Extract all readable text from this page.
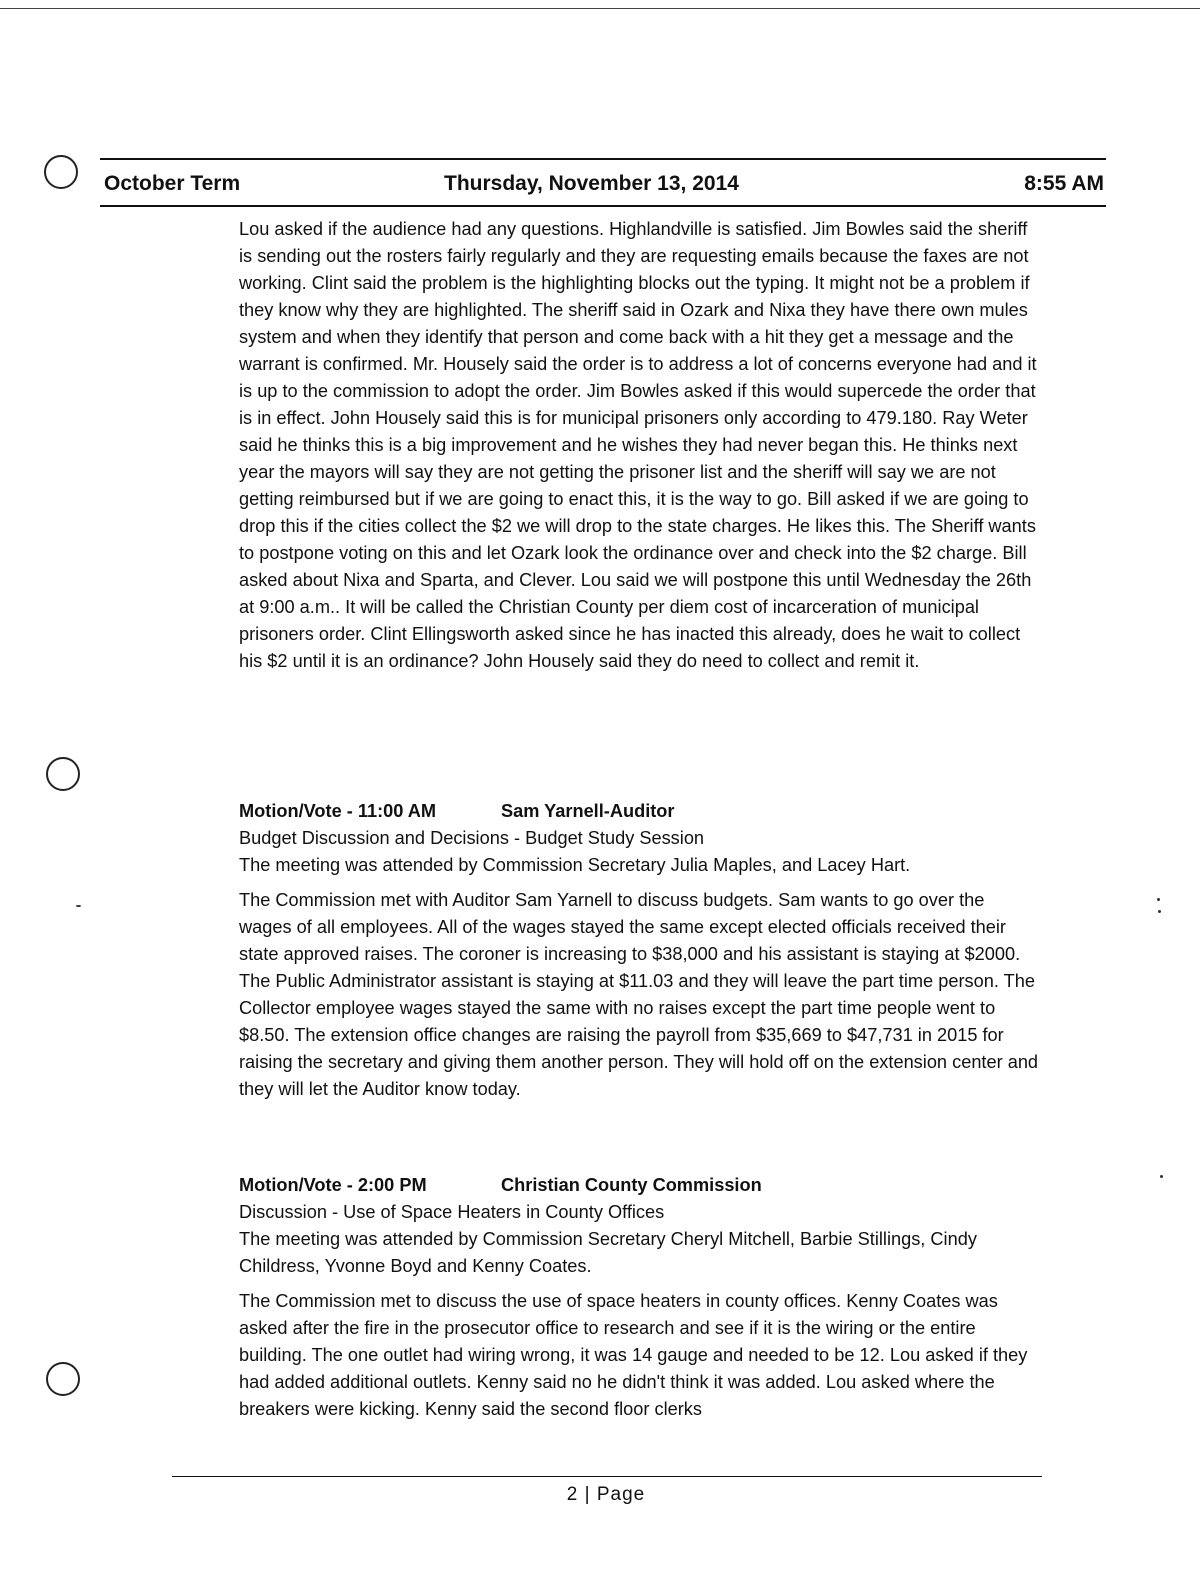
October Term	Thursday, November 13, 2014	8:55 AM

Lou asked if the audience had any questions. Highlandville is satisfied. Jim Bowles said the sheriff is sending out the rosters fairly regularly and they are requesting emails because the faxes are not working. Clint said the problem is the highlighting blocks out the typing. It might not be a problem if they know why they are highlighted. The sheriff said in Ozark and Nixa they have there own mules system and when they identify that person and come back with a hit they get a message and the warrant is confirmed. Mr. Housely said the order is to address a lot of concerns everyone had and it is up to the commission to adopt the order. Jim Bowles asked if this would supercede the order that is in effect. John Housely said this is for municipal prisoners only according to 479.180. Ray Weter said he thinks this is a big improvement and he wishes they had never began this. He thinks next year the mayors will say they are not getting the prisoner list and the sheriff will say we are not getting reimbursed but if we are going to enact this, it is the way to go. Bill asked if we are going to drop this if the cities collect the $2 we will drop to the state charges. He likes this. The Sheriff wants to postpone voting on this and let Ozark look the ordinance over and check into the $2 charge. Bill asked about Nixa and Sparta, and Clever. Lou said we will postpone this until Wednesday the 26th at 9:00 a.m.. It will be called the Christian County per diem cost of incarceration of municipal prisoners order. Clint Ellingsworth asked since he has inacted this already, does he wait to collect his $2 until it is an ordinance? John Housely said they do need to collect and remit it.

Motion/Vote - 11:00 AM	Sam Yarnell-Auditor
Budget Discussion and Decisions - Budget Study Session
The meeting was attended by Commission Secretary Julia Maples, and Lacey Hart.
The Commission met with Auditor Sam Yarnell to discuss budgets. Sam wants to go over the wages of all employees. All of the wages stayed the same except elected officials received their state approved raises. The coroner is increasing to $38,000 and his assistant is staying at $2000. The Public Administrator assistant is staying at $11.03 and they will leave the part time person. The Collector employee wages stayed the same with no raises except the part time people went to $8.50. The extension office changes are raising the payroll from $35,669 to $47,731 in 2015 for raising the secretary and giving them another person. They will hold off on the extension center and they will let the Auditor know today.
Motion/Vote - 2:00 PM	Christian County Commission
Discussion - Use of Space Heaters in County Offices
The meeting was attended by Commission Secretary Cheryl Mitchell, Barbie Stillings, Cindy Childress, Yvonne Boyd and Kenny Coates.
The Commission met to discuss the use of space heaters in county offices. Kenny Coates was asked after the fire in the prosecutor office to research and see if it is the wiring or the entire building. The one outlet had wiring wrong, it was 14 gauge and needed to be 12. Lou asked if they had added additional outlets. Kenny said no he didn't think it was added. Lou asked where the breakers were kicking. Kenny said the second floor clerks
2 | Page
